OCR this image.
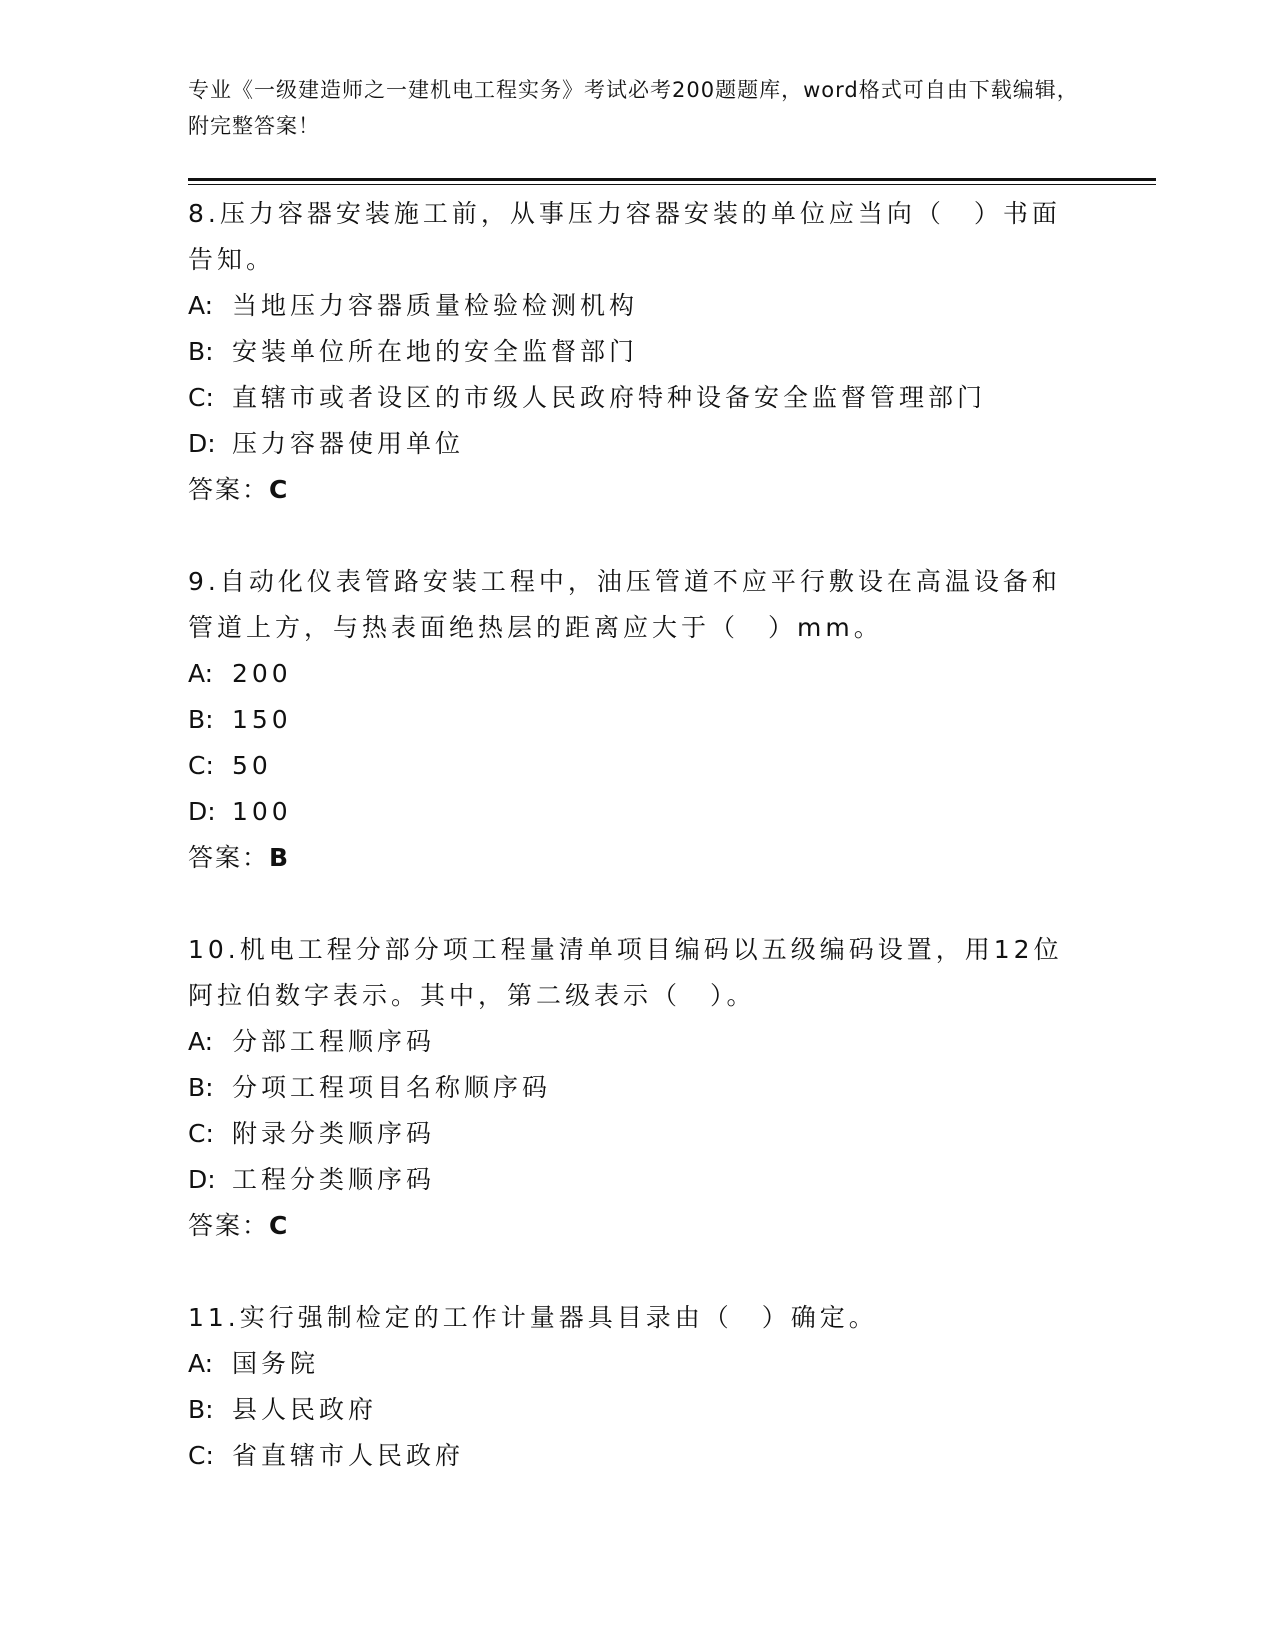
专业《一级建造师之一建机电工程实务》考试必考200题题库，word格式可自由下载编辑，附完整答案！
8.压力容器安装施工前，从事压力容器安装的单位应当向（　）书面告知。
A: 当地压力容器质量检验检测机构
B: 安装单位所在地的安全监督部门
C: 直辖市或者设区的市级人民政府特种设备安全监督管理部门
D: 压力容器使用单位
答案：C
9.自动化仪表管路安装工程中，油压管道不应平行敷设在高温设备和管道上方，与热表面绝热层的距离应大于（　）mm。
A: 200
B: 150
C: 50
D: 100
答案：B
10.机电工程分部分项工程量清单项目编码以五级编码设置，用12位阿拉伯数字表示。其中，第二级表示（　）。
A: 分部工程顺序码
B: 分项工程项目名称顺序码
C: 附录分类顺序码
D: 工程分类顺序码
答案：C
11.实行强制检定的工作计量器具目录由（　）确定。
A: 国务院
B: 县人民政府
C: 省直辖市人民政府
